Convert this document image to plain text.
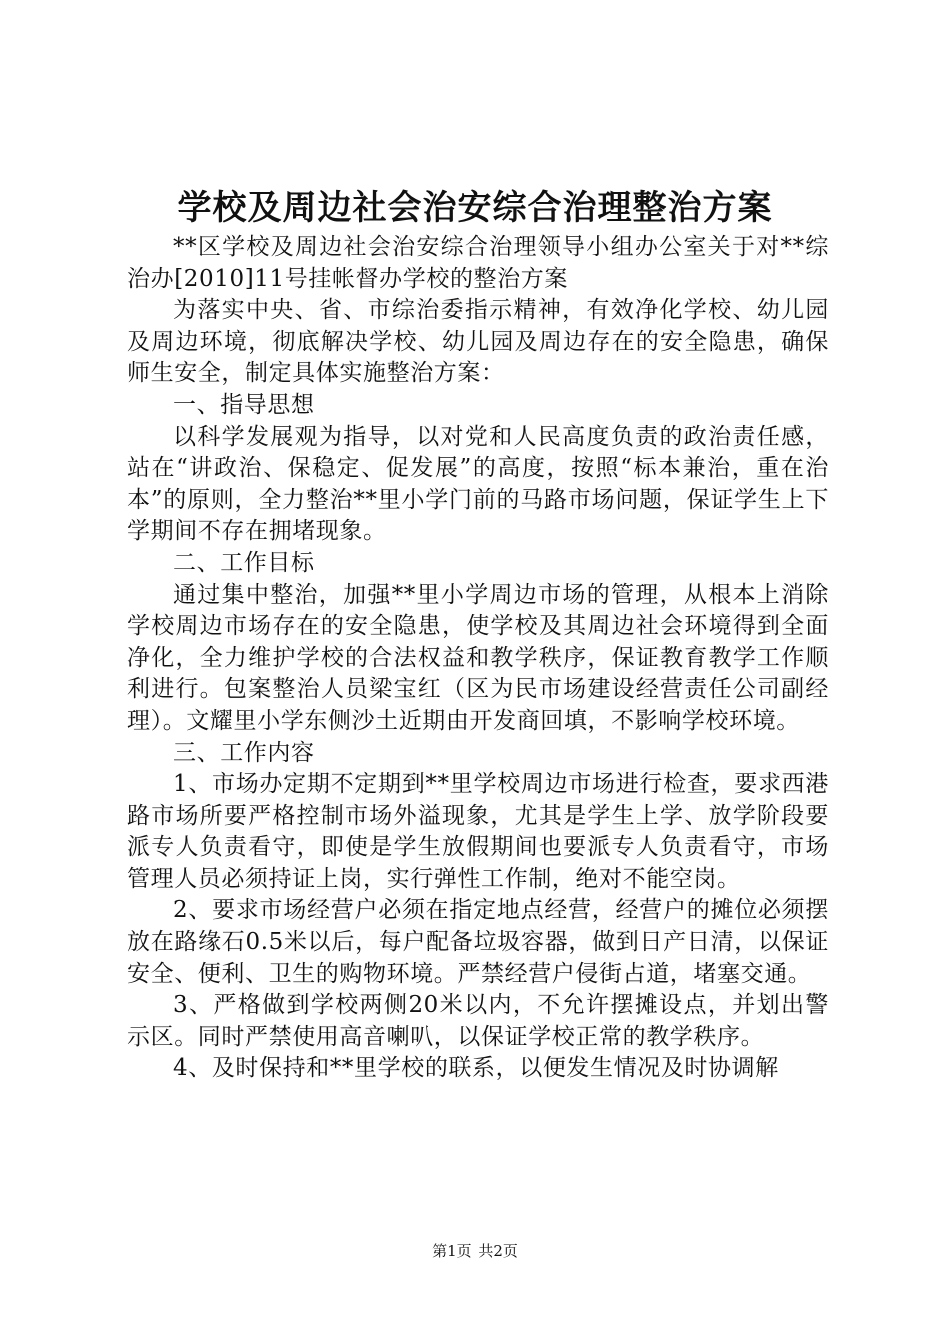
学校及周边社会治安综合治理整治方案

**区学校及周边社会治安综合治理领导小组办公室关于对**综治办[2010]11号挂帐督办学校的整治方案

为落实中央、省、市综治委指示精神，有效净化学校、幼儿园及周边环境，彻底解决学校、幼儿园及周边存在的安全隐患，确保师生安全，制定具体实施整治方案：

一、指导思想

以科学发展观为指导，以对党和人民高度负责的政治责任感，站在“讲政治、保稳定、促发展”的高度，按照“标本兼治，重在治本”的原则，全力整治**里小学门前的马路市场问题，保证学生上下学期间不存在拥堵现象。

二、工作目标

通过集中整治，加强**里小学周边市场的管理，从根本上消除学校周边市场存在的安全隐患，使学校及其周边社会环境得到全面净化，全力维护学校的合法权益和教学秩序，保证教育教学工作顺利进行。包案整治人员梁宝红（区为民市场建设经营责任公司副经理）。文耀里小学东侧沙土近期由开发商回填，不影响学校环境。

三、工作内容

1、市场办定期不定期到**里学校周边市场进行检查，要求西港路市场所要严格控制市场外溢现象，尤其是学生上学、放学阶段要派专人负责看守，即使是学生放假期间也要派专人负责看守，市场管理人员必须持证上岗，实行弹性工作制，绝对不能空岗。

2、要求市场经营户必须在指定地点经营，经营户的摊位必须摆放在路缘石0.5米以后，每户配备垃圾容器，做到日产日清，以保证安全、便利、卫生的购物环境。严禁经营户侵街占道，堵塞交通。

3、严格做到学校两侧20米以内，不允许摆摊设点，并划出警示区。同时严禁使用高音喇叭，以保证学校正常的教学秩序。

4、及时保持和**里学校的联系，以便发生情况及时协调解

第1页 共2页
